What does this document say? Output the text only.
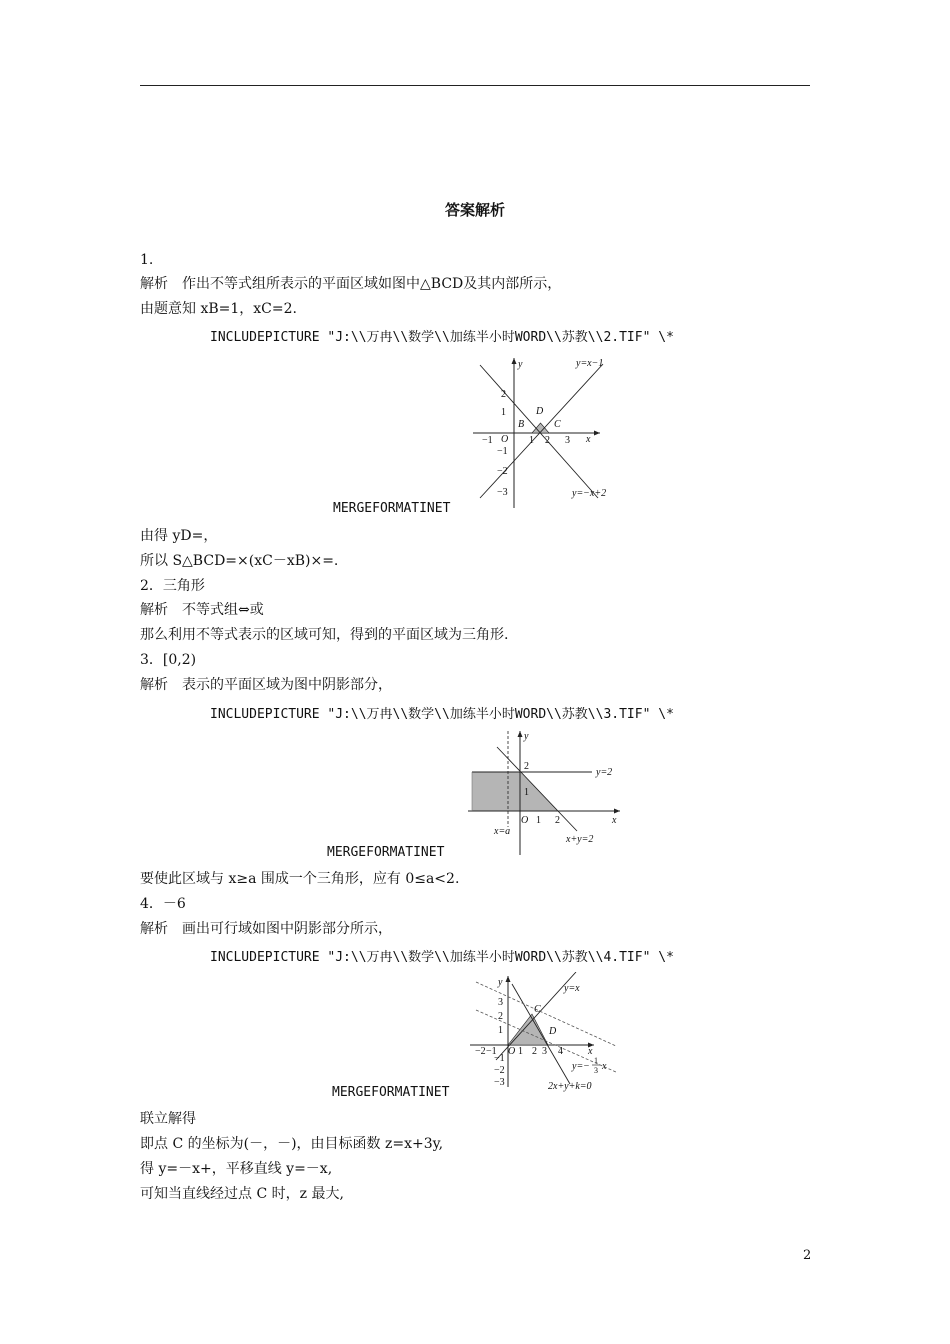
答案解析
1.
解析　作出不等式组所表示的平面区域如图中△BCD及其内部所示，
由题意知 xB=1，xC=2.
INCLUDEPICTURE "J:\\万冉\\数学\\加练半小时WORD\\苏教\\2.TIF" \*
y=x−1
y=−x+2
B	C
D
O
−1	1 2 3
2
1
−1
−2
−3
x
y
MERGEFORMATINET
由得 yD=，
所以 S△BCD=×(xC－xB)×=.
2．三角形
解析　不等式组⇔或
那么利用不等式表示的区域可知，得到的平面区域为三角形.
3．[0,2)
解析　表示的平面区域为图中阴影部分，
INCLUDEPICTURE "J:\\万冉\\数学\\加练半小时WORD\\苏教\\3.TIF" \*
y=2
x+y=2
x=a
2
1
O 1 2	x
y
MERGEFORMATINET
要使此区域与 x≥a 围成一个三角形，应有 0≤a<2.
4．－6
解析　画出可行域如图中阴影部分所示，
INCLUDEPICTURE "J:\\万冉\\数学\\加练半小时WORD\\苏教\\4.TIF" \*
y=x
C
D
y=−
1
3 x
2x+y+k=0
−2 −1 O 1 2 3 4
3
2
1
−1
−2
−3
x
y
MERGEFORMATINET
联立解得
即点 C 的坐标为(－，－)，由目标函数 z=x+3y,
得 y=－x+，平移直线 y=－x,
可知当直线经过点 C 时，z 最大,
2
